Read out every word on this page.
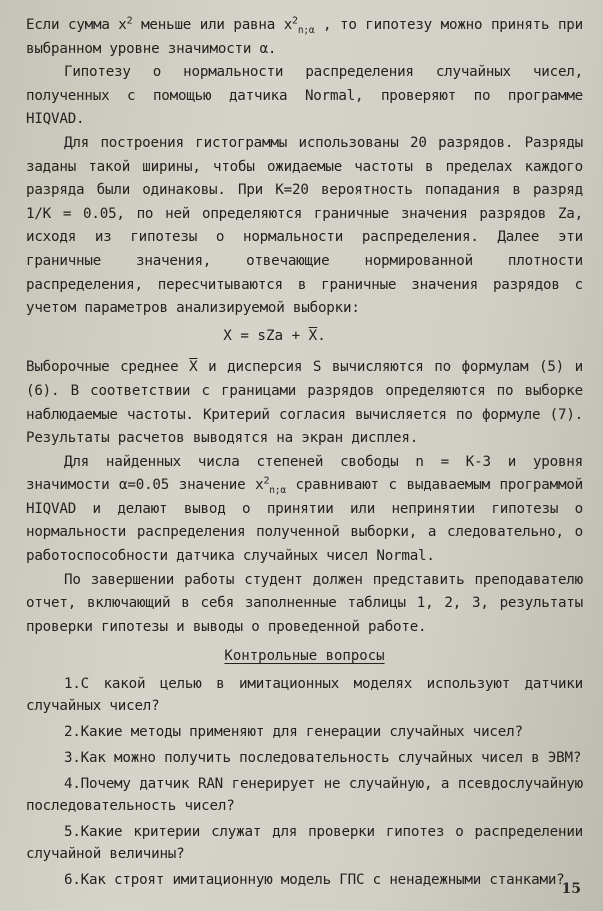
Если сумма $x^2$ меньше или равна $x^2_{n;\alpha}$ , то гипотезу можно принять при выбранном уровне значимости α.

Гипотезу о нормальности распределения случайных чисел, полученных с помощью датчика Normal, проверяют по программе HIQVAD.

Для построения гистограммы использованы 20 разрядов. Разряды заданы такой ширины, чтобы ожидаемые частоты в пределах каждого разряда были одинаковы. При K=20 вероятность попадания в разряд 1/K = 0.05, по ней определяются граничные значения разрядов Za, исходя из гипотезы о нормальности распределения. Далее эти граничные значения, отвечающие нормированной плотности распределения, пересчитываются в граничные значения разрядов с учетом параметров анализируемой выборки:

X = sZa + $\overline{X}$.

Выборочные среднее $\overline{X}$ и дисперсия S вычисляются по формулам (5) и (6). В соответствии с границами разрядов определяются по выборке наблюдаемые частоты. Критерий согласия вычисляется по формуле (7). Результаты расчетов выводятся на экран дисплея.

Для найденных числа степеней свободы n = K-3 и уровня значимости α=0.05 значение $x^2_{n;\alpha}$ сравнивают с выдаваемым программой HIQVAD и делают вывод о принятии или непринятии гипотезы о нормальности распределения полученной выборки, а следовательно, о работоспособности датчика случайных чисел Normal.

По завершении работы студент должен представить преподавателю отчет, включающий в себя заполненные таблицы 1, 2, 3, результаты проверки гипотезы и выводы о проведенной работе.

Контрольные вопросы

1.С какой целью в имитационных моделях используют датчики случайных чисел?

2.Какие методы применяют для генерации случайных чисел?

3.Как можно получить последовательность случайных чисел в ЭВМ?

4.Почему датчик RAN генерирует не случайную, а псевдослучайную последовательность чисел?

5.Какие критерии служат для проверки гипотез о распределении случайной величины?

6.Как строят имитационную модель ГПС с ненадежными станками?

15
